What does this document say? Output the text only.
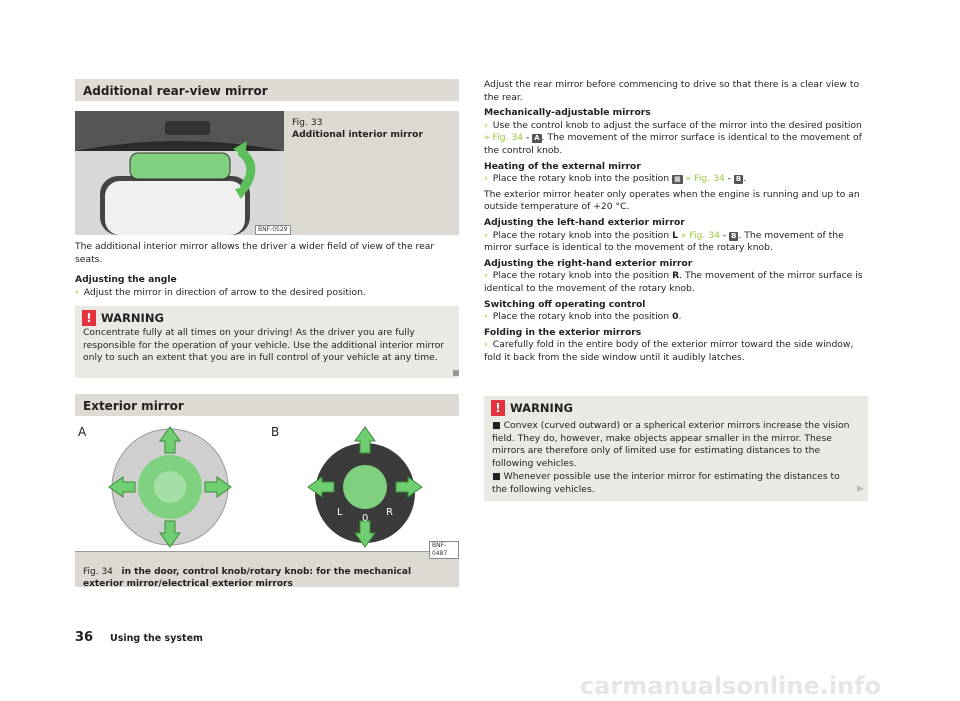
Additional rear-view mirror
BNF-0529
Fig. 33
Additional interior mirror

The additional interior mirror allows the driver a wider field of view of the rear seats.

Adjusting the angle

› Adjust the mirror in direction of arrow to the desired position.

! WARNING

Concentrate fully at all times on your driving! As the driver you are fully responsible for the operation of your vehicle. Use the additional interior mirror only to such an extent that you are in full control of your vehicle at any time.

Exterior mirror
A	B
L
0
R
BNF-0487

Fig. 34 in the door, control knob/rotary knob: for the mechanical exterior mirror/electrical exterior mirrors

Adjust the rear mirror before commencing to drive so that there is a clear view to the rear.

Mechanically-adjustable mirrors

› Use the control knob to adjust the surface of the mirror into the desired position » Fig. 34 - A . The movement of the mirror surface is identical to the movement of the control knob.

Heating of the external mirror

› Place the rotary knob into the position ▦ » Fig. 34 - B .

The exterior mirror heater only operates when the engine is running and up to an outside temperature of +20 °C.

Adjusting the left-hand exterior mirror

› Place the rotary knob into the position L » Fig. 34 - B . The movement of the mirror surface is identical to the movement of the rotary knob.

Adjusting the right-hand exterior mirror

› Place the rotary knob into the position R. The movement of the mirror surface is identical to the movement of the rotary knob.

Switching off operating control

› Place the rotary knob into the position 0.

Folding in the exterior mirrors

› Carefully fold in the entire body of the exterior mirror toward the side window, fold it back from the side window until it audibly latches.

! WARNING

■ Convex (curved outward) or a spherical exterior mirrors increase the vision field. They do, however, make objects appear smaller in the mirror. These mirrors are therefore only of limited use for estimating distances to the following vehicles.

■ Whenever possible use the interior mirror for estimating the distances to the following vehicles.	▶
36 Using the system
carmanualsonline.info
